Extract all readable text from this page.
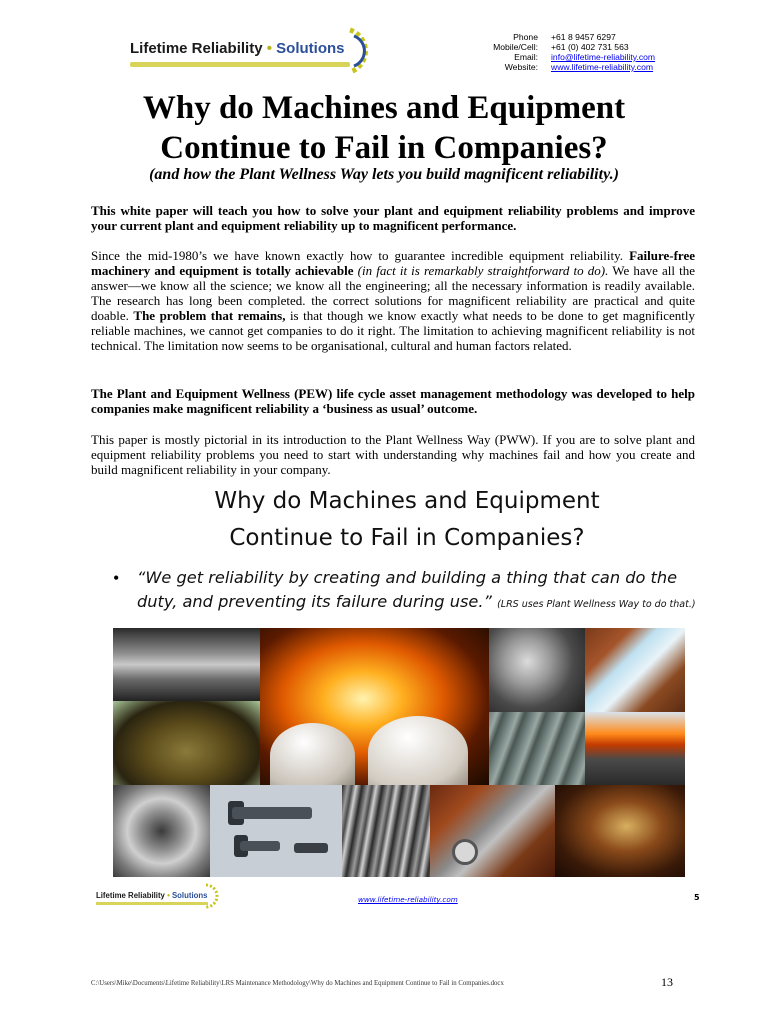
Lifetime Reliability • Solutions
Phone	+61 8 9457 6297
Mobile/Cell:	+61 (0) 402 731 563
Email:	info@lifetime-reliability.com
Website:	www.lifetime-reliability.com
Why do Machines and Equipment
Continue to Fail in Companies?
(and how the Plant Wellness Way lets you build magnificent reliability.)
This white paper will teach you how to solve your plant and equipment reliability problems and improve your current plant and equipment reliability up to magnificent performance.
Since the mid-1980’s we have known exactly how to guarantee incredible equipment reliability. Failure-free machinery and equipment is totally achievable (in fact it is remarkably straightforward to do). We have all the answer—we know all the science; we know all the engineering; all the necessary information is readily available. The research has long been completed. the correct solutions for magnificent reliability are practical and quite doable. The problem that remains, is that though we know exactly what needs to be done to get magnificently reliable machines, we cannot get companies to do it right. The limitation to achieving magnificent reliability is not technical. The limitation now seems to be organisational, cultural and human factors related.
The Plant and Equipment Wellness (PEW) life cycle asset management methodology was developed to help companies make magnificent reliability a ‘business as usual’ outcome.
This paper is mostly pictorial in its introduction to the Plant Wellness Way (PWW). If you are to solve plant and equipment reliability problems you need to start with understanding why machines fail and how you create and build magnificent reliability in your company.
Why do Machines and Equipment
Continue to Fail in Companies?
• “We get reliability by creating and building a thing that can do the duty, and preventing its failure during use.” (LRS uses Plant Wellness Way to do that.)
Lifetime Reliability • Solutions	www.lifetime-reliability.com	5
C:\Users\Mike\Documents\Lifetime Reliability\LRS Maintenance Methodology\Why do Machines and Equipment Continue to Fail in Companies.docx	13
